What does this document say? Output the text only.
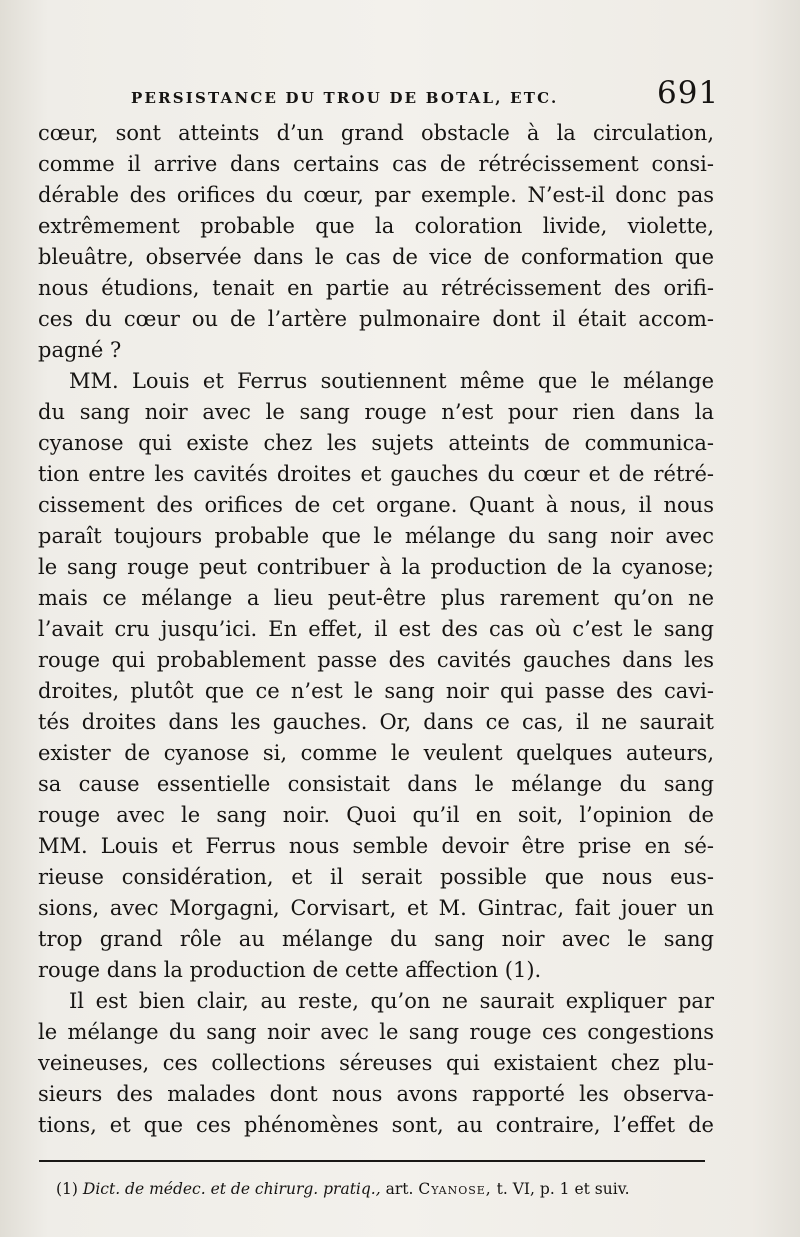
PERSISTANCE DU TROU DE BOTAL, ETC.	691
cœur, sont atteints d’un grand obstacle à la circulation,
comme il arrive dans certains cas de rétrécissement consi-
dérable des orifices du cœur, par exemple. N’est-il donc pas
extrêmement probable que la coloration livide, violette,
bleuâtre, observée dans le cas de vice de conformation que
nous étudions, tenait en partie au rétrécissement des orifi-
ces du cœur ou de l’artère pulmonaire dont il était accom-
pagné ?
MM. Louis et Ferrus soutiennent même que le mélange
du sang noir avec le sang rouge n’est pour rien dans la
cyanose qui existe chez les sujets atteints de communica-
tion entre les cavités droites et gauches du cœur et de rétré-
cissement des orifices de cet organe. Quant à nous, il nous
paraît toujours probable que le mélange du sang noir avec
le sang rouge peut contribuer à la production de la cyanose;
mais ce mélange a lieu peut-être plus rarement qu’on ne
l’avait cru jusqu’ici. En effet, il est des cas où c’est le sang
rouge qui probablement passe des cavités gauches dans les
droites, plutôt que ce n’est le sang noir qui passe des cavi-
tés droites dans les gauches. Or, dans ce cas, il ne saurait
exister de cyanose si, comme le veulent quelques auteurs,
sa cause essentielle consistait dans le mélange du sang
rouge avec le sang noir. Quoi qu’il en soit, l’opinion de
MM. Louis et Ferrus nous semble devoir être prise en sé-
rieuse considération, et il serait possible que nous eus-
sions, avec Morgagni, Corvisart, et M. Gintrac, fait jouer un
trop grand rôle au mélange du sang noir avec le sang
rouge dans la production de cette affection (1).
Il est bien clair, au reste, qu’on ne saurait expliquer par
le mélange du sang noir avec le sang rouge ces congestions
veineuses, ces collections séreuses qui existaient chez plu-
sieurs des malades dont nous avons rapporté les observa-
tions, et que ces phénomènes sont, au contraire, l’effet de
(1) Dict. de médec. et de chirurg. pratiq., art. Cyanose, t. VI, p. 1 et suiv.
